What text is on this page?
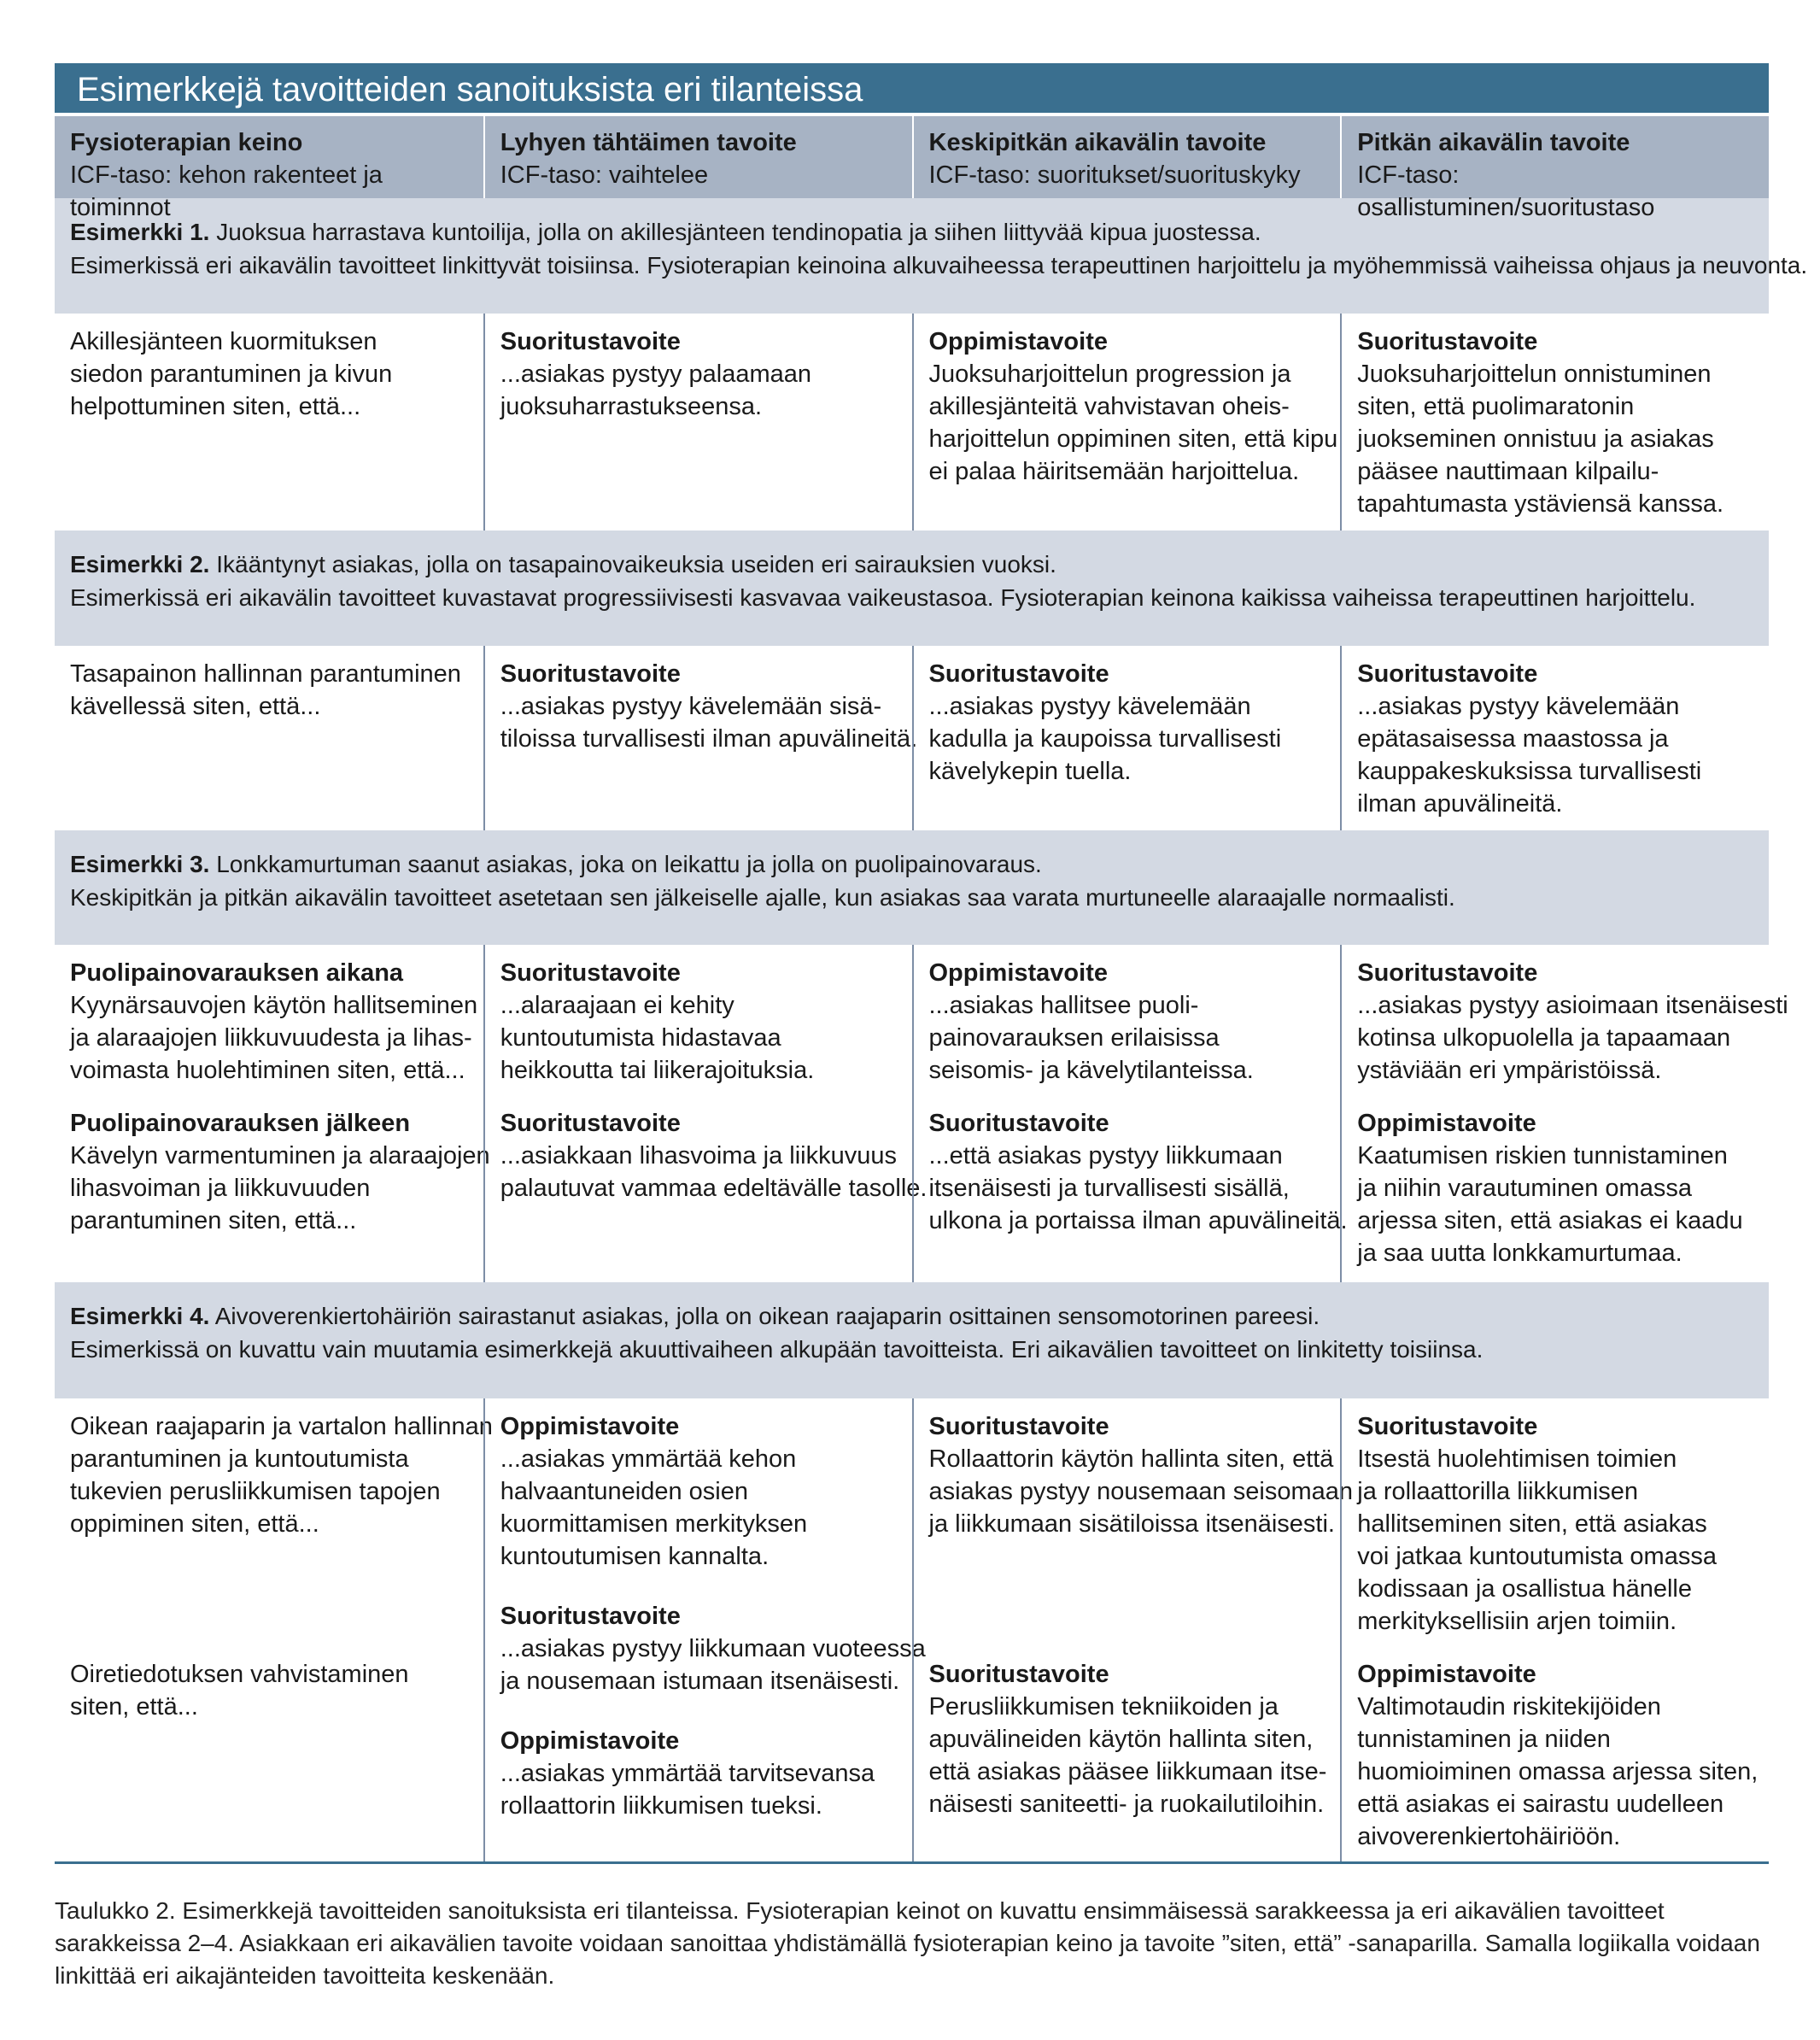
Esimerkkejä tavoitteiden sanoituksista eri tilanteissa
Fysioterapian keino
ICF-taso: kehon rakenteet ja toiminnot
Lyhyen tähtäimen tavoite
ICF-taso: vaihtelee
Keskipitkän aikavälin tavoite
ICF-taso: suoritukset/suorituskyky
Pitkän aikavälin tavoite
ICF-taso: osallistuminen/suoritustaso
Esimerkki 1. Juoksua harrastava kuntoilija, jolla on akillesjänteen tendinopatia ja siihen liittyvää kipua juostessa.
Esimerkissä eri aikavälin tavoitteet linkittyvät toisiinsa. Fysioterapian keinoina alkuvaiheessa terapeuttinen harjoittelu ja myöhemmissä vaiheissa ohjaus ja neuvonta.
Akillesjänteen kuormituksen
siedon parantuminen ja kivun
helpottuminen siten, että...
Suoritustavoite
...asiakas pystyy palaamaan
juoksuharrastukseensa.
Oppimistavoite
Juoksuharjoittelun progression ja
akillesjänteitä vahvistavan oheis-
harjoittelun oppiminen siten, että kipu
ei palaa häiritsemään harjoittelua.
Suoritustavoite
Juoksuharjoittelun onnistuminen
siten, että puolimaratonin
juokseminen onnistuu ja asiakas
pääsee nauttimaan kilpailu-
tapahtumasta ystäviensä kanssa.
Esimerkki 2. Ikääntynyt asiakas, jolla on tasapainovaikeuksia useiden eri sairauksien vuoksi.
Esimerkissä eri aikavälin tavoitteet kuvastavat progressiivisesti kasvavaa vaikeustasoa. Fysioterapian keinona kaikissa vaiheissa terapeuttinen harjoittelu.
Tasapainon hallinnan parantuminen
kävellessä siten, että...
Suoritustavoite
...asiakas pystyy kävelemään sisä-
tiloissa turvallisesti ilman apuvälineitä.
Suoritustavoite
...asiakas pystyy kävelemään
kadulla ja kaupoissa turvallisesti
kävelykepin tuella.
Suoritustavoite
...asiakas pystyy kävelemään
epätasaisessa maastossa ja
kauppakeskuksissa turvallisesti
ilman apuvälineitä.
Esimerkki 3. Lonkkamurtuman saanut asiakas, joka on leikattu ja jolla on puolipainovaraus.
Keskipitkän ja pitkän aikavälin tavoitteet asetetaan sen jälkeiselle ajalle, kun asiakas saa varata murtuneelle alaraajalle normaalisti.
Puolipainovarauksen aikana
Kyynärsauvojen käytön hallitseminen
ja alaraajojen liikkuvuudesta ja lihas-
voimasta huolehtiminen siten, että...
Puolipainovarauksen jälkeen
Kävelyn varmentuminen ja alaraajojen
lihasvoiman ja liikkuvuuden
parantuminen siten, että...
Suoritustavoite
...alaraajaan ei kehity
kuntoutumista hidastavaa
heikkoutta tai liikerajoituksia.
Suoritustavoite
...asiakkaan lihasvoima ja liikkuvuus
palautuvat vammaa edeltävälle tasolle.
Oppimistavoite
...asiakas hallitsee puoli-
painovarauksen erilaisissa
seisomis- ja kävelytilanteissa.
Suoritustavoite
...että asiakas pystyy liikkumaan
itsenäisesti ja turvallisesti sisällä,
ulkona ja portaissa ilman apuvälineitä.
Suoritustavoite
...asiakas pystyy asioimaan itsenäisesti
kotinsa ulkopuolella ja tapaamaan
ystäviään eri ympäristöissä.
Oppimistavoite
Kaatumisen riskien tunnistaminen
ja niihin varautuminen omassa
arjessa siten, että asiakas ei kaadu
ja saa uutta lonkkamurtumaa.
Esimerkki 4. Aivoverenkiertohäiriön sairastanut asiakas, jolla on oikean raajaparin osittainen sensomotorinen pareesi.
Esimerkissä on kuvattu vain muutamia esimerkkejä akuuttivaiheen alkupään tavoitteista. Eri aikavälien tavoitteet on linkitetty toisiinsa.
Oikean raajaparin ja vartalon hallinnan
parantuminen ja kuntoutumista
tukevien perusliikkumisen tapojen
oppiminen siten, että...
Oiretiedotuksen vahvistaminen
siten, että...
Oppimistavoite
...asiakas ymmärtää kehon
halvaantuneiden osien
kuormittamisen merkityksen
kuntoutumisen kannalta.
Suoritustavoite
...asiakas pystyy liikkumaan vuoteessa
ja nousemaan istumaan itsenäisesti.
Oppimistavoite
...asiakas ymmärtää tarvitsevansa
rollaattorin liikkumisen tueksi.
Suoritustavoite
Rollaattorin käytön hallinta siten, että
asiakas pystyy nousemaan seisomaan
ja liikkumaan sisätiloissa itsenäisesti.
Suoritustavoite
Perusliikkumisen tekniikoiden ja
apuvälineiden käytön hallinta siten,
että asiakas pääsee liikkumaan itse-
näisesti saniteetti- ja ruokailutiloihin.
Suoritustavoite
Itsestä huolehtimisen toimien
ja rollaattorilla liikkumisen
hallitseminen siten, että asiakas
voi jatkaa kuntoutumista omassa
kodissaan ja osallistua hänelle
merkityksellisiin arjen toimiin.
Oppimistavoite
Valtimotaudin riskitekijöiden
tunnistaminen ja niiden
huomioiminen omassa arjessa siten,
että asiakas ei sairastu uudelleen
aivoverenkiertohäiriöön.
Taulukko 2. Esimerkkejä tavoitteiden sanoituksista eri tilanteissa. Fysioterapian keinot on kuvattu ensimmäisessä sarakkeessa ja eri aikavälien tavoitteet
sarakkeissa 2–4. Asiakkaan eri aikavälien tavoite voidaan sanoittaa yhdistämällä fysioterapian keino ja tavoite ”siten, että” -sanaparilla. Samalla logiikalla voidaan
linkittää eri aikajänteiden tavoitteita keskenään.
